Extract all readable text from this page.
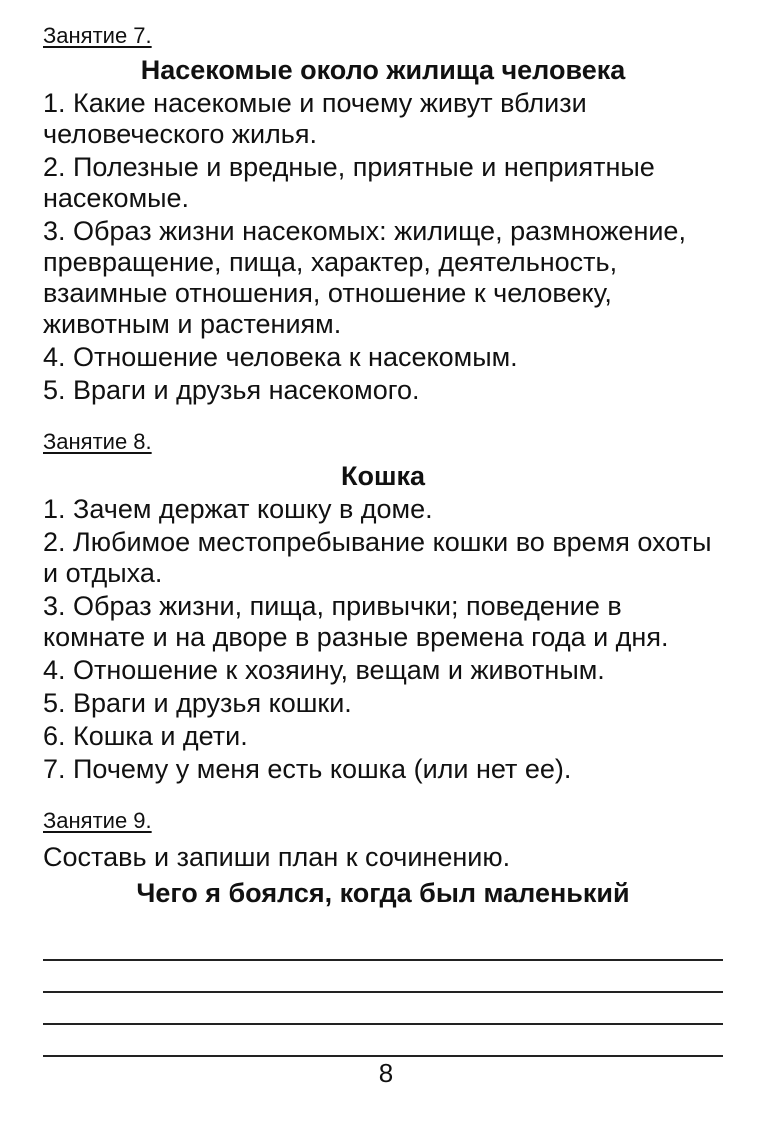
Занятие 7.

Насекомые около жилища человека

1. Какие насекомые и почему живут вблизи человеческого жилья.

2. Полезные и вредные, приятные и неприятные насекомые.

3. Образ жизни насекомых: жилище, размножение, превращение, пища, характер, деятельность, взаимные отношения, отношение к человеку, животным и растениям.

4. Отношение человека к насекомым.

5. Враги и друзья насекомого.

Занятие 8.

Кошка

1. Зачем держат кошку в доме.

2. Любимое местопребывание кошки во время охоты и отдыха.

3. Образ жизни, пища, привычки; поведение в комнате и на дворе в разные времена года и дня.

4. Отношение к хозяину, вещам и животным.

5. Враги и друзья кошки.

6. Кошка и дети.

7. Почему у меня есть кошка (или нет ее).

Занятие 9.

Составь и запиши план к сочинению.

Чего я боялся, когда был маленький

8
